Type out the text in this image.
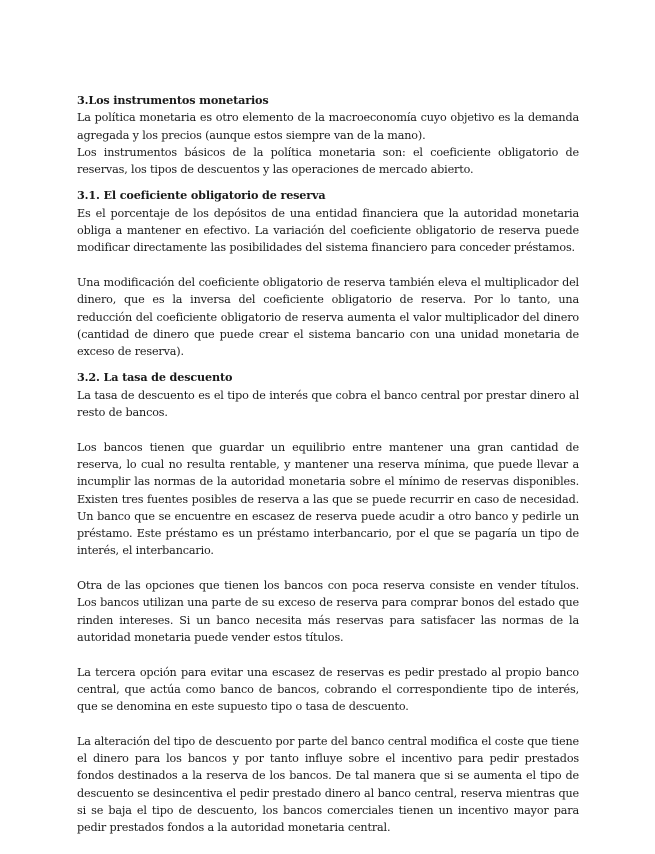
3.Los instrumentos monetarios

La política monetaria es otro elemento de la macroeconomía cuyo objetivo es la demanda agregada y los precios (aunque estos siempre van de la mano).

Los instrumentos básicos de la política monetaria son: el coeficiente obligatorio de reservas, los tipos de descuentos y las operaciones de mercado abierto.

3.1. El coeficiente obligatorio de reserva

Es el porcentaje de los depósitos de una entidad financiera que la autoridad monetaria obliga a mantener en efectivo. La variación del coeficiente obligatorio de reserva puede modificar directamente las posibilidades del sistema financiero para conceder préstamos.

Una modificación del coeficiente obligatorio de reserva también eleva el multiplicador del dinero, que es la inversa del coeficiente obligatorio de reserva. Por lo tanto, una reducción del coeficiente obligatorio de reserva aumenta el valor multiplicador del dinero (cantidad de dinero que puede crear el sistema bancario con una unidad monetaria de exceso de reserva).

3.2. La tasa de descuento

La tasa de descuento es el tipo de interés que cobra el banco central por prestar dinero al resto de bancos.

Los bancos tienen que guardar un equilibrio entre mantener una gran cantidad de reserva, lo cual no resulta rentable, y mantener una reserva mínima, que puede llevar a incumplir las normas de la autoridad monetaria sobre el mínimo de reservas disponibles. Existen tres fuentes posibles de reserva a las que se puede recurrir en caso de necesidad. Un banco que se encuentre en escasez de reserva puede acudir a otro banco y pedirle un préstamo. Este préstamo es un préstamo interbancario, por el que se pagaría un tipo de interés, el interbancario.

Otra de las opciones que tienen los bancos con poca reserva consiste en vender títulos. Los bancos utilizan una parte de su exceso de reserva para comprar bonos del estado que rinden intereses. Si un banco necesita más reservas para satisfacer las normas de la autoridad monetaria puede vender estos títulos.

La tercera opción para evitar una escasez de reservas es pedir prestado al propio banco central, que actúa como banco de bancos, cobrando el correspondiente tipo de interés, que se denomina en este supuesto tipo o tasa de descuento.

La alteración del tipo de descuento por parte del banco central modifica el coste que tiene el dinero para los bancos y por tanto influye sobre el incentivo para pedir prestados fondos destinados a la reserva de los bancos. De tal manera que si se aumenta el tipo de descuento se desincentiva el pedir prestado dinero al banco central, reserva mientras que si se baja el tipo de descuento, los bancos comerciales tienen un incentivo mayor para pedir prestados fondos a la autoridad monetaria central.
